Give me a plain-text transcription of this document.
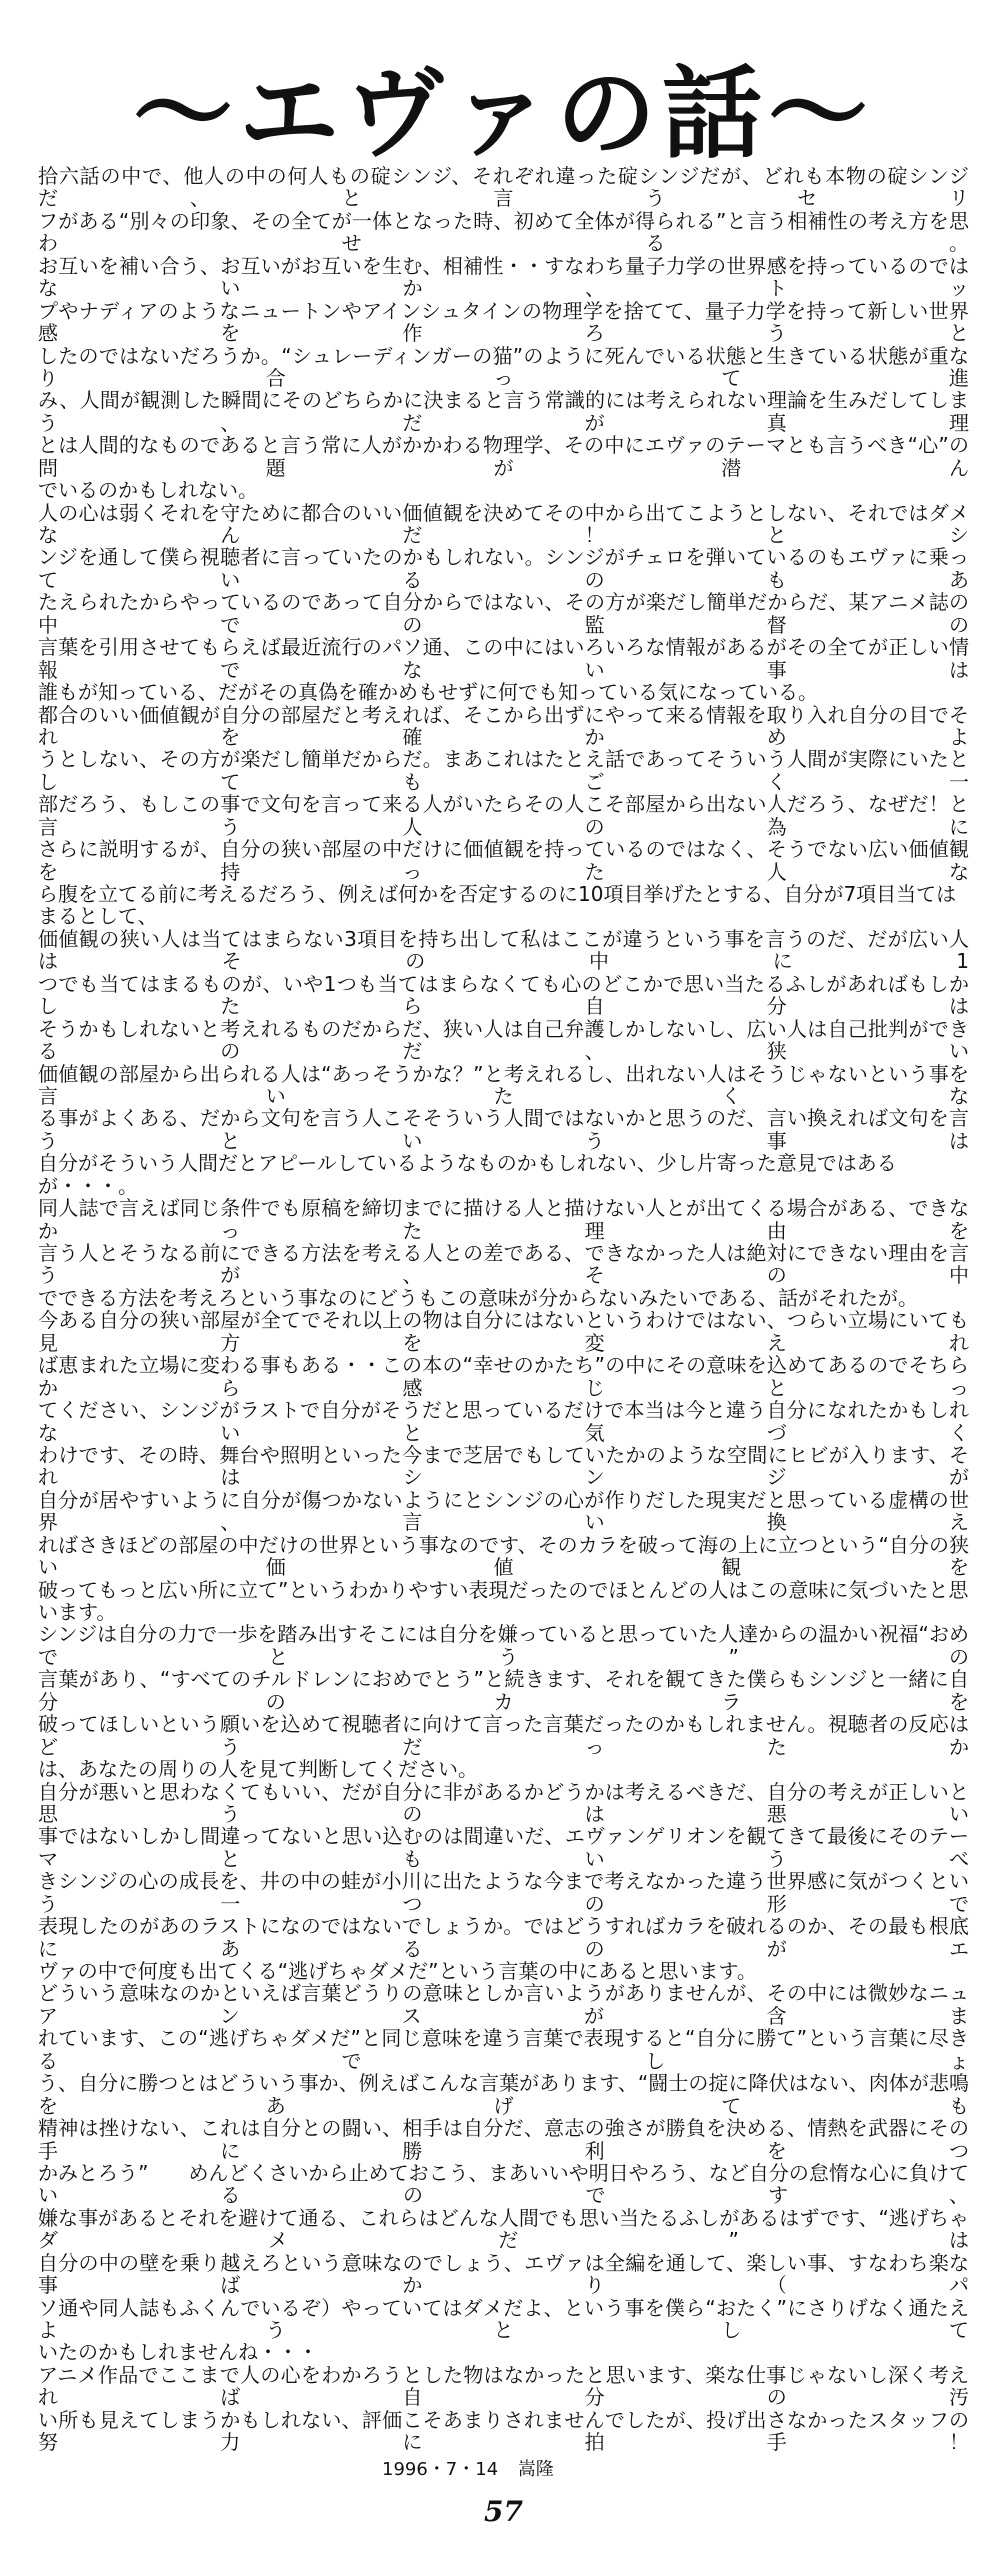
〜エヴァの話〜
拾六話の中で、他人の中の何人もの碇シンジ、それぞれ違った碇シンジだが、どれも本物の碇シンジだ、と言うセリ
フがある“別々の印象、その全てが一体となった時、初めて全体が得られる”と言う相補性の考え方を思わせる。
お互いを補い合う、お互いがお互いを生む、相補性・・すなわち量子力学の世界感を持っているのではないか、トッ
プやナディアのようなニュートンやアインシュタインの物理学を捨てて、量子力学を持って新しい世界感を作ろうと
したのではないだろうか。“シュレーディンガーの猫”のように死んでいる状態と生きている状態が重なり合って進
み、人間が観測した瞬間にそのどちらかに決まると言う常識的には考えられない理論を生みだしてしまう、だが真理
とは人間的なものであると言う常に人がかかわる物理学、その中にエヴァのテーマとも言うべき“心”の問題が潜ん
でいるのかもしれない。
人の心は弱くそれを守ために都合のいい価値観を決めてその中から出てこようとしない、それではダメなんだ！とシ
ンジを通して僕ら視聴者に言っていたのかもしれない。シンジがチェロを弾いているのもエヴァに乗っているのもあ
たえられたからやっているのであって自分からではない、その方が楽だし簡単だからだ、某アニメ誌の中での監督の
言葉を引用させてもらえば最近流行のパソ通、この中にはいろいろな情報があるがその全てが正しい情報でない事は
誰もが知っている、だがその真偽を確かめもせずに何でも知っている気になっている。
都合のいい価値観が自分の部屋だと考えれば、そこから出ずにやって来る情報を取り入れ自分の目でそれを確かめよ
うとしない、その方が楽だし簡単だからだ。まあこれはたとえ話であってそういう人間が実際にいたとしてもごく一
部だろう、もしこの事で文句を言って来る人がいたらその人こそ部屋から出ない人だろう、なぜだ！と言う人の為に
さらに説明するが、自分の狭い部屋の中だけに価値観を持っているのではなく、そうでない広い価値観を持った人な
ら腹を立てる前に考えるだろう、例えば何かを否定するのに10項目挙げたとする、自分が7項目当てはまるとして、
価値観の狭い人は当てはまらない3項目を持ち出して私はここが違うという事を言うのだ、だが広い人はその中に1
つでも当てはまるものが、いや1つも当てはまらなくても心のどこかで思い当たるふしがあればもしかしたら自分は
そうかもしれないと考えれるものだからだ、狭い人は自己弁護しかしないし、広い人は自己批判ができるのだ、狭い
価値観の部屋から出られる人は“あっそうかな？”と考えれるし、出れない人はそうじゃないという事を言いたくな
る事がよくある、だから文句を言う人こそそういう人間ではないかと思うのだ、言い換えれば文句を言うという事は
自分がそういう人間だとアピールしているようなものかもしれない、少し片寄った意見ではあるが・・・。
同人誌で言えば同じ条件でも原稿を締切までに描ける人と描けない人とが出てくる場合がある、できなかった理由を
言う人とそうなる前にできる方法を考える人との差である、できなかった人は絶対にできない理由を言うが、その中
でできる方法を考えろという事なのにどうもこの意味が分からないみたいである、話がそれたが。
今ある自分の狭い部屋が全てでそれ以上の物は自分にはないというわけではない、つらい立場にいても見方を変えれ
ば恵まれた立場に変わる事もある・・この本の“幸せのかたち”の中にその意味を込めてあるのでそちらから感じとっ
てください、シンジがラストで自分がそうだと思っているだけで本当は今と違う自分になれたかもしれないと気づく
わけです、その時、舞台や照明といった今まで芝居でもしていたかのような空間にヒビが入ります、それはシンジが
自分が居やすいように自分が傷つかないようにとシンジの心が作りだした現実だと思っている虚構の世界、言い換え
ればさきほどの部屋の中だけの世界という事なのです、そのカラを破って海の上に立つという“自分の狭い価値観を
破ってもっと広い所に立て”というわかりやすい表現だったのでほとんどの人はこの意味に気づいたと思います。
シンジは自分の力で一歩を踏み出すそこには自分を嫌っていると思っていた人達からの温かい祝福“おめでとう”の
言葉があり、“すべてのチルドレンにおめでとう”と続きます、それを観てきた僕らもシンジと一緒に自分のカラを
破ってほしいという願いを込めて視聴者に向けて言った言葉だったのかもしれません。視聴者の反応はどうだったか
は、あなたの周りの人を見て判断してください。
自分が悪いと思わなくてもいい、だが自分に非があるかどうかは考えるべきだ、自分の考えが正しいと思うのは悪い
事ではないしかし間違ってないと思い込むのは間違いだ、エヴァンゲリオンを観てきて最後にそのテーマともいうべ
きシンジの心の成長を、井の中の蛙が小川に出たような今まで考えなかった違う世界感に気がつくという一つの形で
表現したのがあのラストになのではないでしょうか。ではどうすればカラを破れるのか、その最も根底にあるのがエ
ヴァの中で何度も出てくる“逃げちゃダメだ”という言葉の中にあると思います。
どういう意味なのかといえば言葉どうりの意味としか言いようがありませんが、その中には微妙なニュアンスが含ま
れています、この“逃げちゃダメだ”と同じ意味を違う言葉で表現すると“自分に勝て”という言葉に尽きるでしょ
う、自分に勝つとはどういう事か、例えばこんな言葉があります、“闘士の掟に降伏はない、肉体が悲鳴をあげても
精神は挫けない、これは自分との闘い、相手は自分だ、意志の強さが勝負を決める、情熱を武器にその手に勝利をつ
かみとろう”　　めんどくさいから止めておこう、まあいいや明日やろう、など自分の怠惰な心に負けているのです、
嫌な事があるとそれを避けて通る、これらはどんな人間でも思い当たるふしがあるはずです、“逃げちゃダメだ”は
自分の中の壁を乗り越えろという意味なのでしょう、エヴァは全編を通して、楽しい事、すなわち楽な事ばかり（パ
ソ通や同人誌もふくんでいるぞ）やっていてはダメだよ、という事を僕ら“おたく”にさりげなく通たえようとして
いたのかもしれませんね・・・
アニメ作品でここまで人の心をわかろうとした物はなかったと思います、楽な仕事じゃないし深く考えれば自分の汚
い所も見えてしまうかもしれない、評価こそあまりされませんでしたが、投げ出さなかったスタッフの努力に拍手！
1996・7・14 嵩隆
57
